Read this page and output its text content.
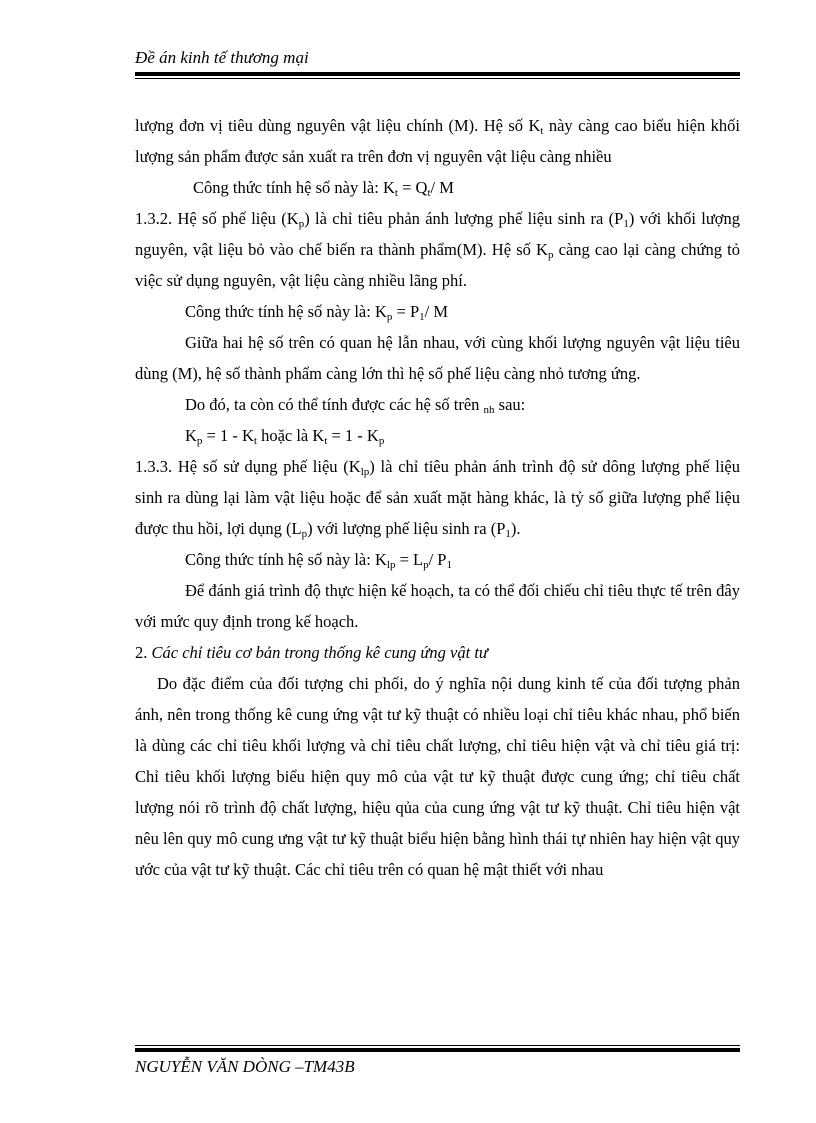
Đề án kinh tế thương mại

lượng đơn vị tiêu dùng nguyên vật liệu chính (M). Hệ số $K_t$ này càng cao biểu hiện khối lượng sản phẩm được sản xuất ra trên đơn vị nguyên vật liệu càng nhiều

Công thức tính hệ số này là: $K_t = Q_t/$ M

1.3.2. Hệ số phế liệu $(K_p)$ là chỉ tiêu phản ánh lượng phế liệu sinh ra $(P_1)$ với khối lượng nguyên, vật liệu bỏ vào chế biến ra thành phẩm(M). Hệ số $K_p$ càng cao lại càng chứng tỏ việc sử dụng nguyên, vật liệu càng nhiều lãng phí.

Công thức tính hệ số này là: $K_p = P_1/$ M

Giữa hai hệ số trên có quan hệ lẫn nhau, với cùng khối lượng nguyên vật liệu tiêu dùng (M), hệ số thành phẩm càng lớn thì hệ số phế liệu càng nhỏ tương ứng.

Do đó, ta còn có thể tính được các hệ số trên $_{nh}$ sau:

$K_p = 1 - K_t$ hoặc là $K_t = 1 - K_p$

1.3.3. Hệ số sử dụng phế liệu $(K_{lp})$ là chỉ tiêu phản ánh trình độ sử dông lượng phế liệu sinh ra dùng lại làm vật liệu hoặc để sản xuất mặt hàng khác, là tỷ số giữa lượng phế liệu được thu hồi, lợi dụng $(L_p)$ với lượng phế liệu sinh ra $(P_1)$.

Công thức tính hệ số này là: $K_{lp} = L_p/$ $P_1$

Để đánh giá trình độ thực hiện kế hoạch, ta có thể đối chiếu chỉ tiêu thực tế trên đây với mức quy định trong kế hoạch.

2. Các chỉ tiêu cơ bản trong thống kê cung ứng vật tư

Do đặc điểm của đối tượng chi phối, do ý nghĩa nội dung kinh tế của đối tượng phản ánh, nên trong thống kê cung ứng vật tư kỹ thuật có nhiều loại chỉ tiêu khác nhau, phổ biến là dùng các chỉ tiêu khối lượng và chỉ tiêu chất lượng, chỉ tiêu hiện vật và chỉ tiêu giá trị: Chỉ tiêu khối lượng biểu hiện quy mô của vật tư kỹ thuật được cung ứng; chỉ tiêu chất lượng nói rõ trình độ chất lượng, hiệu qủa của cung ứng vật tư kỹ thuật. Chỉ tiêu hiện vật nêu lên quy mô cung ưng vật tư kỹ thuật biểu hiện bằng hình thái tự nhiên hay hiện vật quy ước của vật tư kỹ thuật. Các chỉ tiêu trên có quan hệ mật thiết với nhau

NGUYỄN VĂN DÒNG –TM43B
